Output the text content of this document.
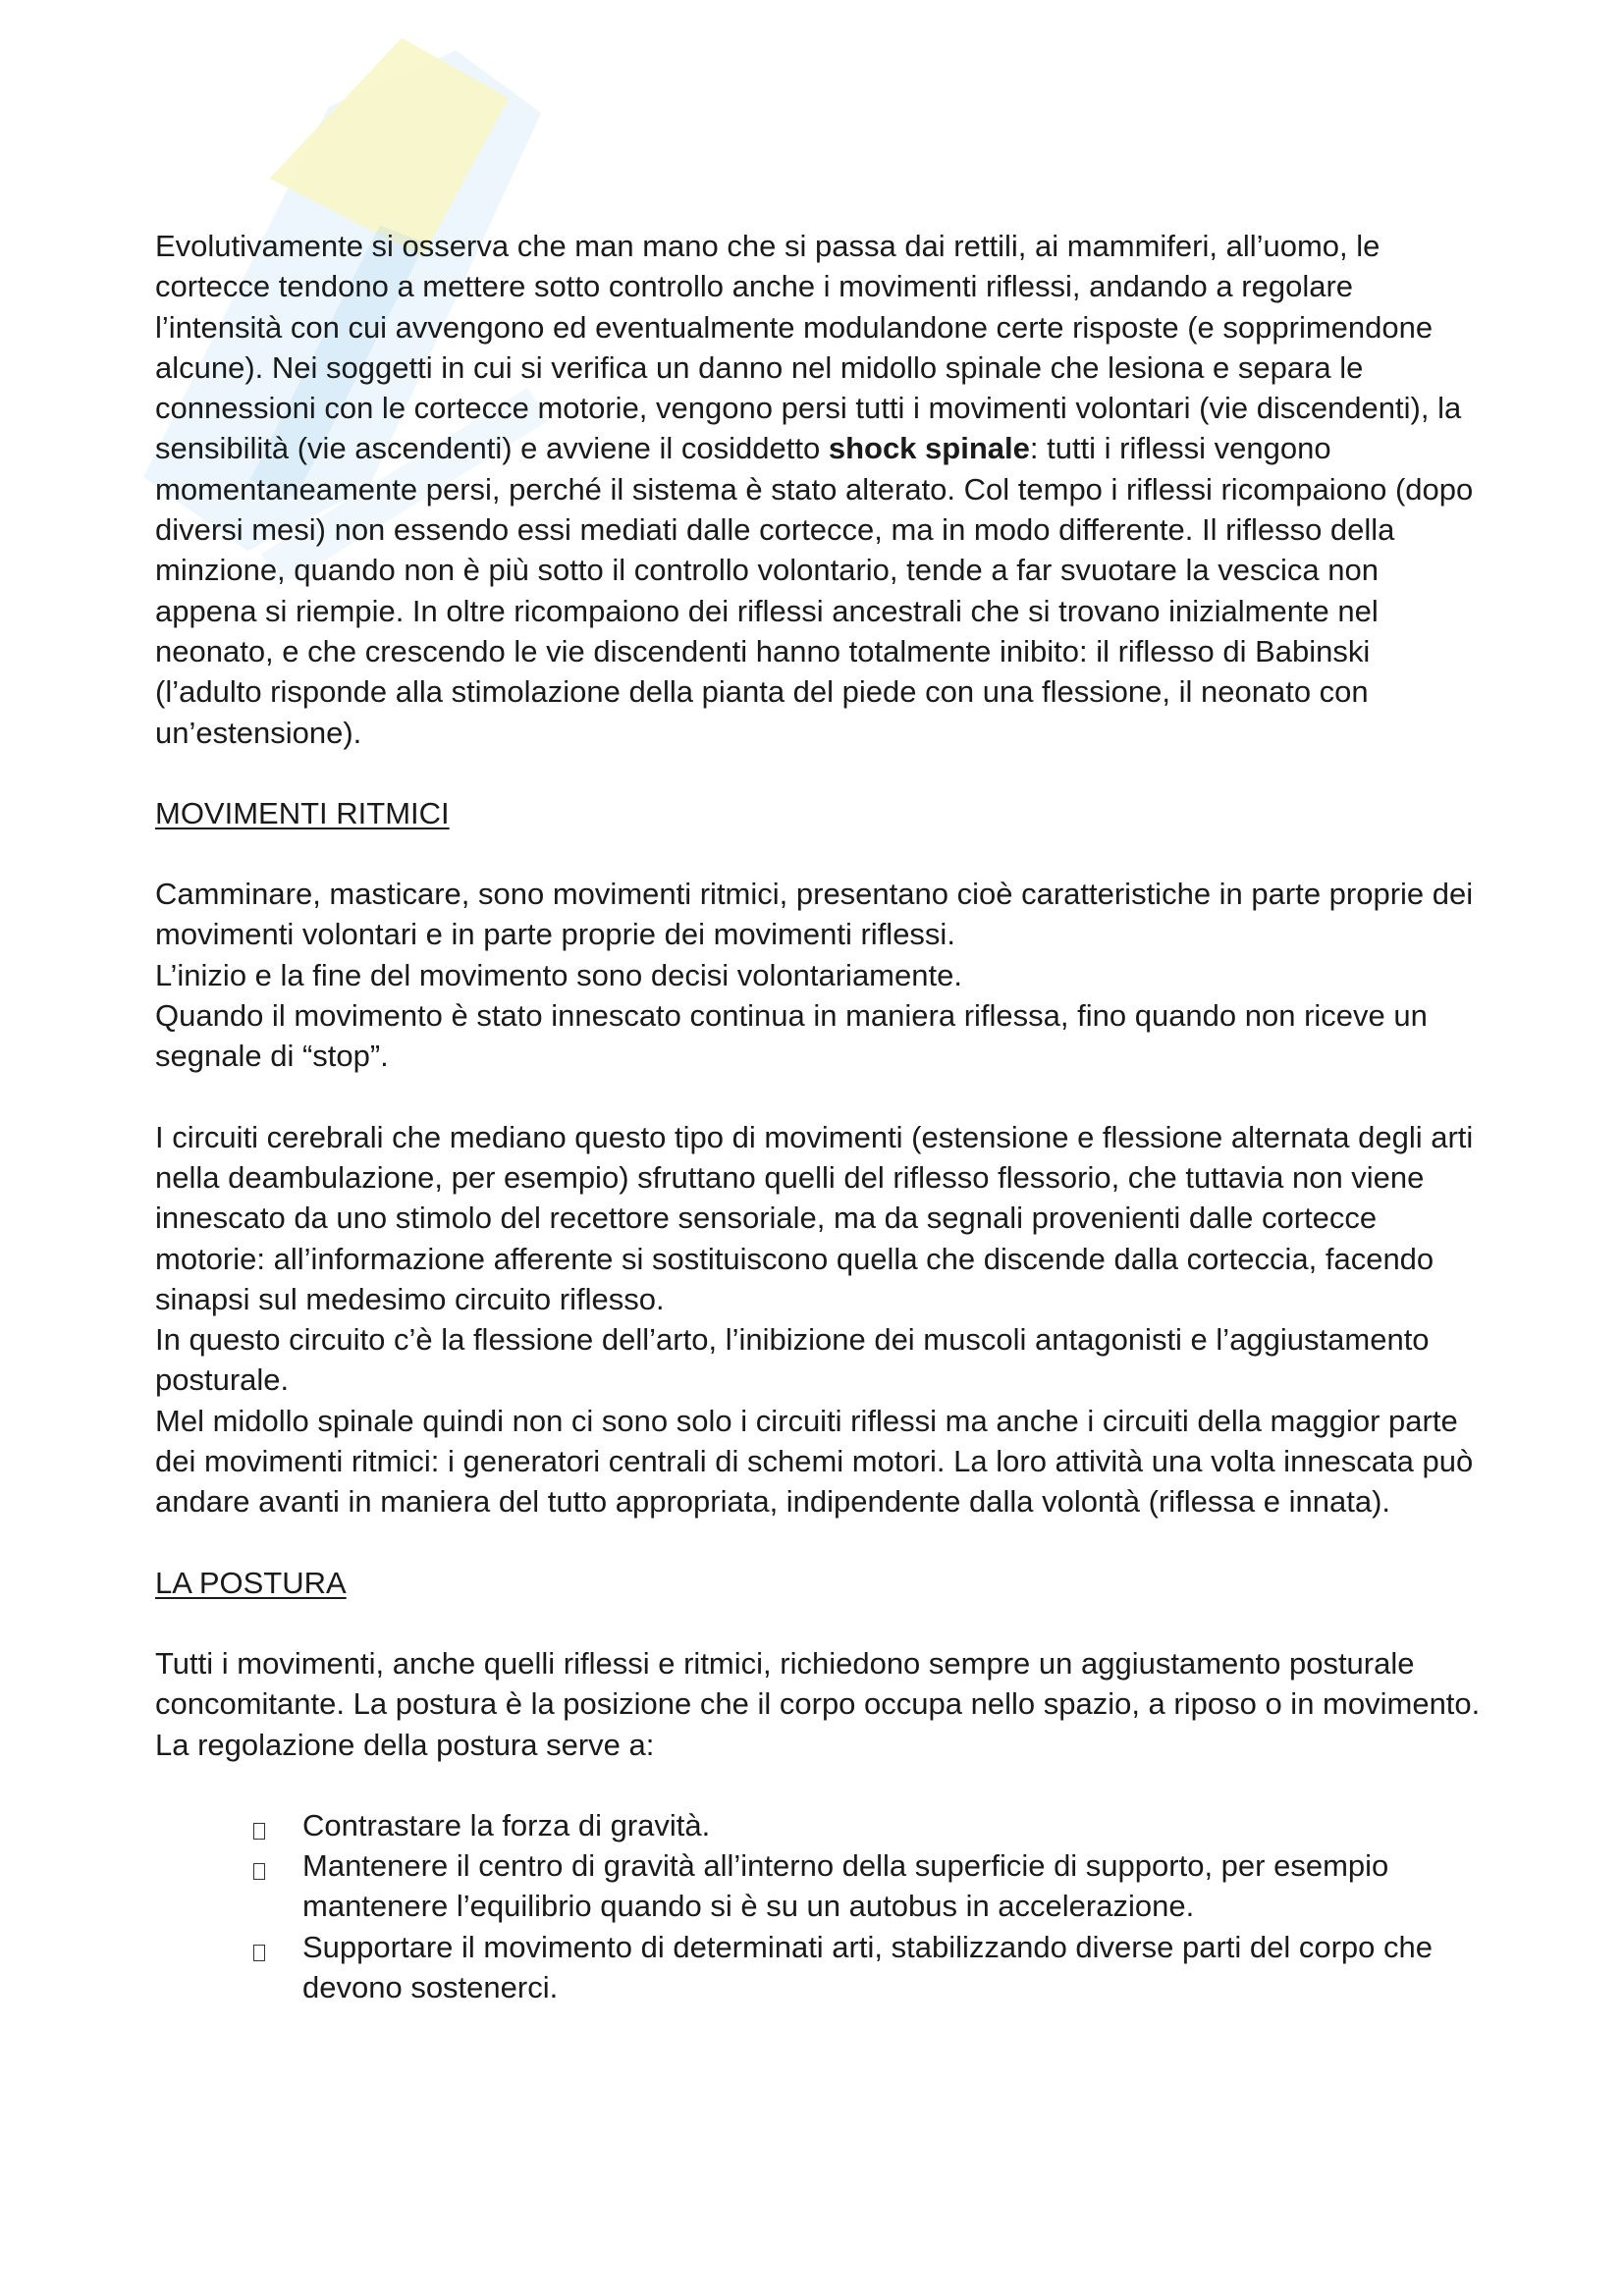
Evolutivamente si osserva che man mano che si passa dai rettili, ai mammiferi, all’uomo, le cortecce tendono a mettere sotto controllo anche i movimenti riflessi, andando a regolare l’intensità con cui avvengono ed eventualmente modulandone certe risposte (e sopprimendone alcune). Nei soggetti in cui si verifica un danno nel midollo spinale che lesiona e separa le connessioni con le cortecce motorie, vengono persi tutti i movimenti volontari (vie discendenti), la sensibilità (vie ascendenti) e avviene il cosiddetto shock spinale: tutti i riflessi vengono momentaneamente persi, perché il sistema è stato alterato. Col tempo i riflessi ricompaiono (dopo diversi mesi) non essendo essi mediati dalle cortecce, ma in modo differente. Il riflesso della minzione, quando non è più sotto il controllo volontario, tende a far svuotare la vescica non appena si riempie. In oltre ricompaiono dei riflessi ancestrali che si trovano inizialmente nel neonato, e che crescendo le vie discendenti hanno totalmente inibito: il riflesso di Babinski (l’adulto risponde alla stimolazione della pianta del piede con una flessione, il neonato con un’estensione).

MOVIMENTI RITMICI

Camminare, masticare, sono movimenti ritmici, presentano cioè caratteristiche in parte proprie dei movimenti volontari e in parte proprie dei movimenti riflessi.

L’inizio e la fine del movimento sono decisi volontariamente.

Quando il movimento è stato innescato continua in maniera riflessa, fino quando non riceve un segnale di “stop”.

I circuiti cerebrali che mediano questo tipo di movimenti (estensione e flessione alternata degli arti nella deambulazione, per esempio) sfruttano quelli del riflesso flessorio, che tuttavia non viene innescato da uno stimolo del recettore sensoriale, ma da segnali provenienti dalle cortecce motorie: all’informazione afferente si sostituiscono quella che discende dalla corteccia, facendo sinapsi sul medesimo circuito riflesso.

In questo circuito c’è la flessione dell’arto, l’inibizione dei muscoli antagonisti e l’aggiustamento posturale.

Mel midollo spinale quindi non ci sono solo i circuiti riflessi ma anche i circuiti della maggior parte dei movimenti ritmici: i generatori centrali di schemi motori. La loro attività una volta innescata può andare avanti in maniera del tutto appropriata, indipendente dalla volontà (riflessa e innata).

LA POSTURA

Tutti i movimenti, anche quelli riflessi e ritmici, richiedono sempre un aggiustamento posturale concomitante. La postura è la posizione che il corpo occupa nello spazio, a riposo o in movimento.

La regolazione della postura serve a:

Contrastare la forza di gravità.
Mantenere il centro di gravità all’interno della superficie di supporto, per esempio mantenere l’equilibrio quando si è su un autobus in accelerazione.
Supportare il movimento di determinati arti, stabilizzando diverse parti del corpo che devono sostenerci.
